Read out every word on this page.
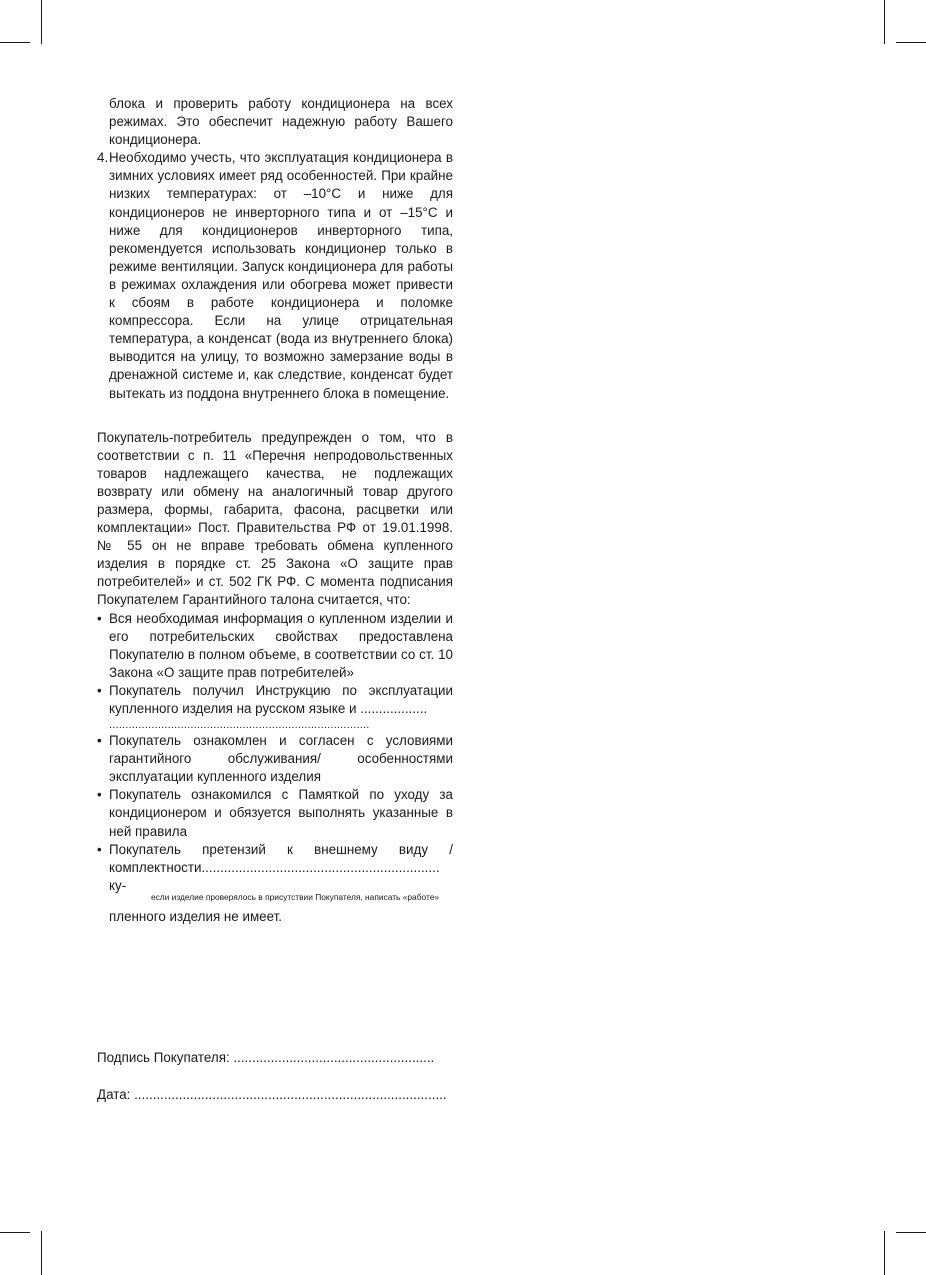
блока и проверить работу кондиционера на всех режимах. Это обеспечит надежную работу Вашего кондиционера.

4. Необходимо учесть, что эксплуатация кондиционера в зимних условиях имеет ряд особенностей. При крайне низких температурах: от –10°С и ниже для кондиционеров не инверторного типа и от –15°С и ниже для кондиционеров инверторного типа, рекомендуется использовать кондиционер только в режиме вентиляции. Запуск кондиционера для работы в режимах охлаждения или обогрева может привести к сбоям в работе кондиционера и поломке компрессора. Если на улице отрицательная температура, а конденсат (вода из внутреннего блока) выводится на улицу, то возможно замерзание воды в дренажной системе и, как следствие, конденсат будет вытекать из поддона внутреннего блока в помещение.

Покупатель-потребитель предупрежден о том, что в соответствии с п. 11 «Перечня непродовольственных товаров надлежащего качества, не подлежащих возврату или обмену на аналогичный товар другого размера, формы, габарита, фасона, расцветки или комплектации» Пост. Правительства РФ от 19.01.1998. № 55 он не вправе требовать обмена купленного изделия в порядке ст. 25 Закона «О защите прав потребителей» и ст. 502 ГК РФ. С момента подписания Покупателем Гарантийного талона считается, что:

• Вся необходимая информация о купленном изделии и его потребительских свойствах предоставлена Покупателю в полном объеме, в соответствии со ст. 10 Закона «О защите прав потребителей»
• Покупатель получил Инструкцию по эксплуатации купленного изделия на русском языке и ..................
................................................................................
• Покупатель ознакомлен и согласен с условиями гарантийного обслуживания/ особенностями эксплуатации купленного изделия
• Покупатель ознакомился с Памяткой по уходу за кондиционером и обязуется выполнять указанные в ней правила
• Покупатель претензий к внешнему виду /комплектности................................................................ ку-
если изделие проверялось в присутствии Покупателя, написать «работе»
пленного изделия не имеет.
Подпись Покупателя: ......................................................
Дата: ....................................................................................
